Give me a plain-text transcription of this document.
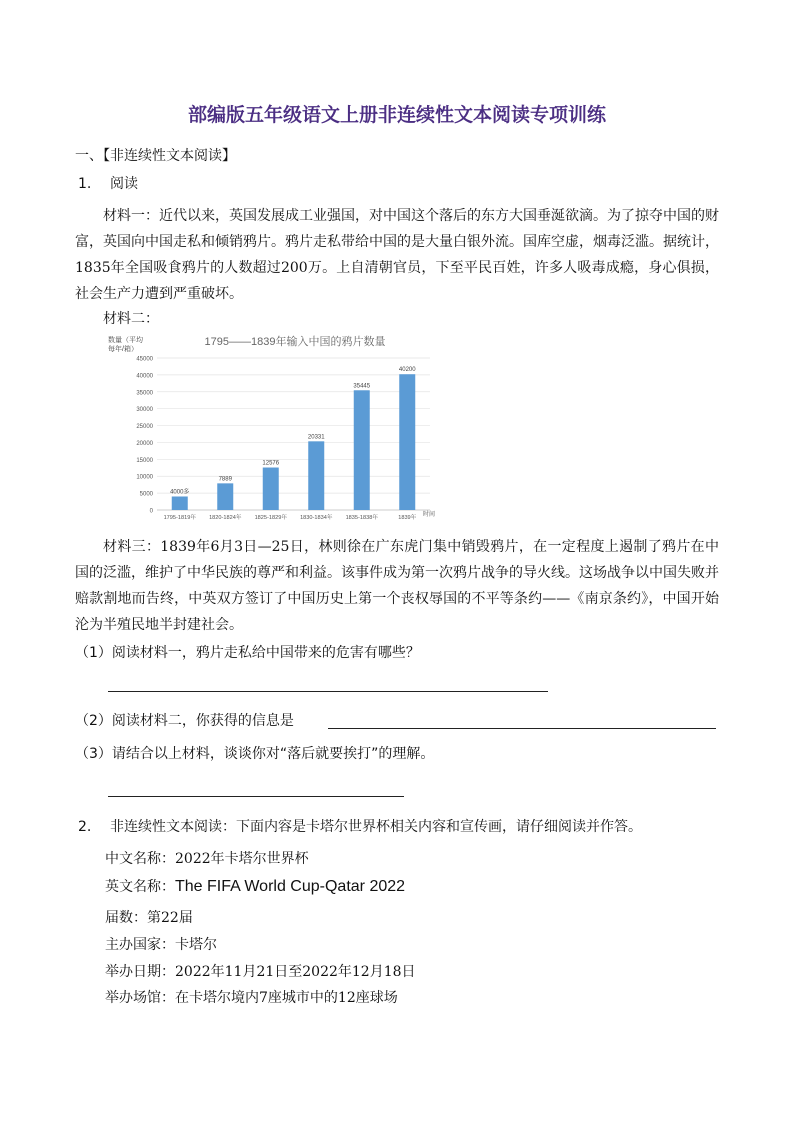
部编版五年级语文上册非连续性文本阅读专项训练
一、【非连续性文本阅读】
1. 阅读
材料一：近代以来，英国发展成工业强国，对中国这个落后的东方大国垂涎欲滴。为了掠夺中国的财富，英国向中国走私和倾销鸦片。鸦片走私带给中国的是大量白银外流。国库空虚，烟毒泛滥。据统计，1835年全国吸食鸦片的人数超过200万。上自清朝官员，下至平民百姓，许多人吸毒成瘾，身心俱损，社会生产力遭到严重破坏。
材料二：
1795——1839年输入中国的鸦片数量
数量（平均
每年/箱）
0
5000
10000
15000
20000
25000
30000
35000
40000
45000
4000多
1795-1819年
7889
1820-1824年
12576
1825-1829年
20331
1830-1834年
35445
1835-1838年
40200
1839年 时间
材料三：1839年6月3日—25日，林则徐在广东虎门集中销毁鸦片，在一定程度上遏制了鸦片在中国的泛滥，维护了中华民族的尊严和利益。该事件成为第一次鸦片战争的导火线。这场战争以中国失败并赔款割地而告终，中英双方签订了中国历史上第一个丧权辱国的不平等条约——《南京条约》，中国开始沦为半殖民地半封建社会。
（1）阅读材料一，鸦片走私给中国带来的危害有哪些？
（2）阅读材料二，你获得的信息是
（3）请结合以上材料，谈谈你对“落后就要挨打”的理解。
2. 非连续性文本阅读：下面内容是卡塔尔世界杯相关内容和宣传画，请仔细阅读并作答。
中文名称：2022年卡塔尔世界杯
英文名称：The FIFA World Cup-Qatar 2022
届数：第22届
主办国家：卡塔尔
举办日期：2022年11月21日至2022年12月18日
举办场馆：在卡塔尔境内7座城市中的12座球场
